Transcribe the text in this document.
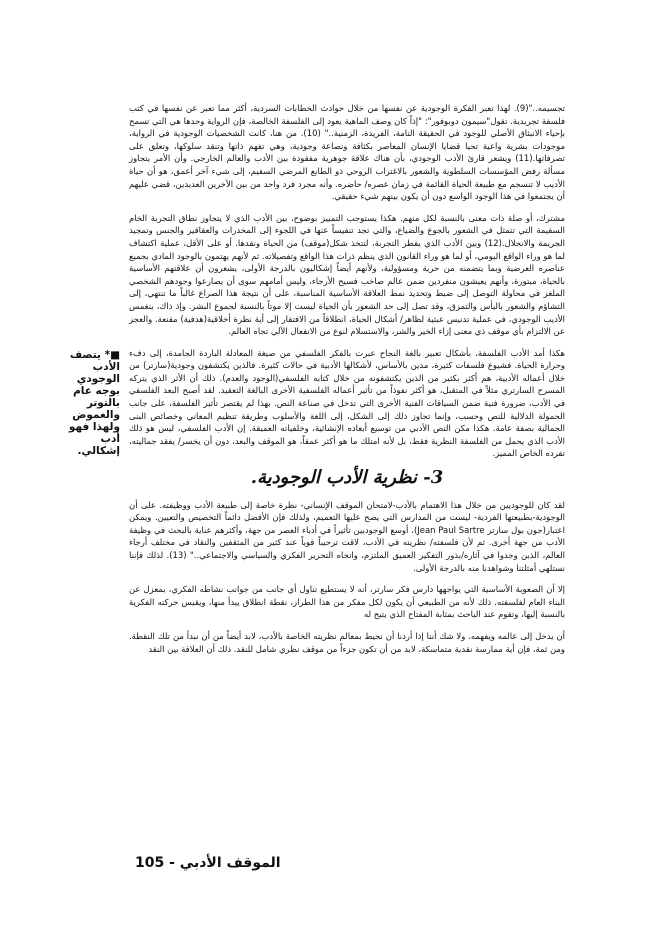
تجسيمه.."(9). لهذا تعبر الفكرة الوجودية عن نفسها من خلال حوادث الخطابات السردية، أكثر مما تعبر عن نفسها في كتب فلسفة تجريدية. تقول"سيمون دوبوفور": "إذاً كان وصف الماهية يعود إلى الفلسفة الخالصة، فإن الرواية وحدها هي التي تسمح بإحياء الانبثاق الأصلي للوجود في الحقيقة التامة، الفريدة، الزمنية.." (10). من هنا، كانت الشخصيات الوجودية في الرواية، موجودات بشرية واعية تحيا قضايا الإنسان المعاصر بكثافة ونصاعة وجودية، وهي تفهم ذاتها وتنقد سلوكها، وتعلق على تصرفاتها.(11) ويشعر قارئ الأدب الوجودي، بأن هناك علاقة جوهرية مفقودة بين الأدب والعالم الخارجي. وأن الأمر يتجاوز مسألة رفض المؤسسات السلطوية والشعور بالاغتراب الروحي ذو الطابع المرضي السقيم، إلى شيء آخر أعمق، هو أن حياة الأديب لا تنسجم مع طبيعة الحياة القائمة في زمان عصره/ حاضره. وأنه مجرد فرد واحد من بين الآخرين العديدين، قضي عليهم أن يجتمعوا في هذا الوجود الواسع دون أن يكون بينهم شيء حقيقي.

مشترك، أو صلة ذات معنى بالنسبة لكل منهم. هكذا يستوجب التمييز بوضوح، بين الأدب الذي لا يتجاوز نطاق التجربة الخام السقيمة التي تتمثل في الشعور بالجوع والضياع، والتي تجد تنفيساً عنها في اللجوء إلى المخدرات والعقاقير والجنس وتمجيد الجريمة والانحلال.(12) وبين الأدب الذي يفطر التجربة، لتتخذ شكل(موقف) من الحياة ونقدها. أو على الأقل، عملية اكتشاف لما هو وراء الواقع اليومي، أو لما هو وراء القانون الذي ينظم ذرات هذا الواقع وتفصيلاته. ثم لأنهم يهتمون بالوجود المادي بجميع عناصره العرضية وبما يتضمنه من حرية ومسؤولية، ولأنهم أيضاً إشكاليون بالدرجة الأولى، يشعرون أن علاقتهم الأساسية بالحياة، مبتورة، وأنهم يعيشون منفردين ضمن عالم صاخب فسيح الأرجاء، وليس أمامهم سوى أن يصارعوا وجودهم الشخصي الملغز في محاولة التوصل إلى ضبط وتحديد نمط العلاقة الأساسية المناسبة، على أن نتيجة هذا الصراع غالباً ما تنتهي، إلى التشاؤم والشعور باليأس والتمزق، وقد تصل إلى حد الشعور بأن الحياة ليست إلا موتاً بالنسبة لجموع البشر. وإذ ذاك، ينغمس الأديب الوجودي، في عملية تدنيس عبثية لظاهر/ أشكال الحياة، انطلاقاً من الافتقار إلى أية نظرة أخلاقية(هدفية) مقنعة. والعجز عن الالتزام بأي موقف ذي معنى إزاء الخير والشر، والاستسلام لنوع من الانفعال الآلي تجاه العالم.

هكذا أمد الأدب الفلسفة، بأشكال تعبير بالغة النجاح عبرت بالفكر الفلسفي من صيغة المعادلة الباردة الجامدة، إلى دفء وحرارة الحياة. فشيوع فلسفات كثيرة، مدين بالأساس، لأشكالها الأدبية في حالات كثيرة. فالذين يكتشفون وجودية(سارتر) من خلال أعماله الأدبية، هم أكثر بكثير من الذين يكتشفونه من خلال كتابه الفلسفي(الوجود والعدم). ذلك أن الأثر الذي يتركه المسرح السارتري مثلاً في المتقبل، هو أكثر نفوذاً من تأثير أعماله الفلسفية الأخرى البالغة التعقيد. لقد أصبح البعد الفلسفي في الأدب، ضرورة فنية ضمن السياقات الفنية الأخرى التي تدخل في صناعة النص. بهذا لم يقتصر تأثير الفلسفة، على جانب الحمولة الدلالية للنص وحسب، وإنما تجاوز ذلك إلى الشكل، إلى اللغة والأسلوب وطريقة تنظيم المعاني وخصائص البنى الجمالية بصفة عامة. هكذا مكن النص الأدبي من توسيع أبعاده الإنشائية، وخلفياته العميقة. إن الأدب الفلسفي، ليس هو ذلك الأدب الذي يحمل من الفلسفة النظرية فقط، بل لأنه امتلك ما هو أكثر عمقاً، هو الموقف والبعد، دون أن يخسر/ يفقد جماليته، تفرده الخاص المميز.

3- نظرية الأدب الوجودية.

لقد كان للوجوديين من خلال هذا الاهتمام بالأدب-لامتحان الموقف الإنساني- نظرة خاصة إلى طبيعة الأدب ووظيفته. على أن الوجودية-بطبيعتها الفردية- ليست من المدارس التي يصح عليها التعميم، ولذلك فإن الأفضل دائماً التخصيص والتعيين. ويمكن اعتبار(جون بول سارتر Jean Paul Sartre)، أوسع الوجوديين تأثيراً في أدباء العصر من جهة، وأكثرهم عناية بالبحث في وظيفة الأدب من جهة أخرى. ثم لأن فلسفته/ نظريته في الأدب، لاقت ترحيباً قوياً عند كثير من المثقفين والنقاد في مختلف أرجاء العالم، الذين وجدوا في آثاره/بذور التفكير العميق الملتزم، واتجاه التحرير الفكري والسياسي والاجتماعي.." (13). لذلك فإننا نستلهي أمثلتنا وشواهدنا منه بالدرجة الأولى.

إلا أن الصعوبة الأساسية التي يواجهها دارس فكر سارتر، أنه لا يستطيع تناول أي جانب من جوانب نشاطه الفكري، بمعزل عن البناء العام لفلسفته. ذلك لأنه من الطبيعي أن يكون لكل مفكر من هذا الطراز، نقطة انطلاق يبدأ منها، ويقيس حركته الفكرية بالنسبة إليها، وتقوم عند الباحث بمثابة المفتاح الذي يتيح له

أن يدخل إلى عالمه ويفهمه. ولا شك أننا إذا أردنا أن نحيط بمعالم نظريته الخاصة بالأدب، لابد أيضاً من أن نبدأ من تلك النقطة. ومن ثمة، فإن أية ممارسة نقدية متماسكة، لابد من أن تكون جزءاً من موقف نظري شامل للنقد. ذلك أن العلاقة بين النقد

■* يتصف الأدب الوجودي بوجه عام بالتوتر والغموض ولهذا فهو أدب إشكالي.
الموقف الأدبي - 105
